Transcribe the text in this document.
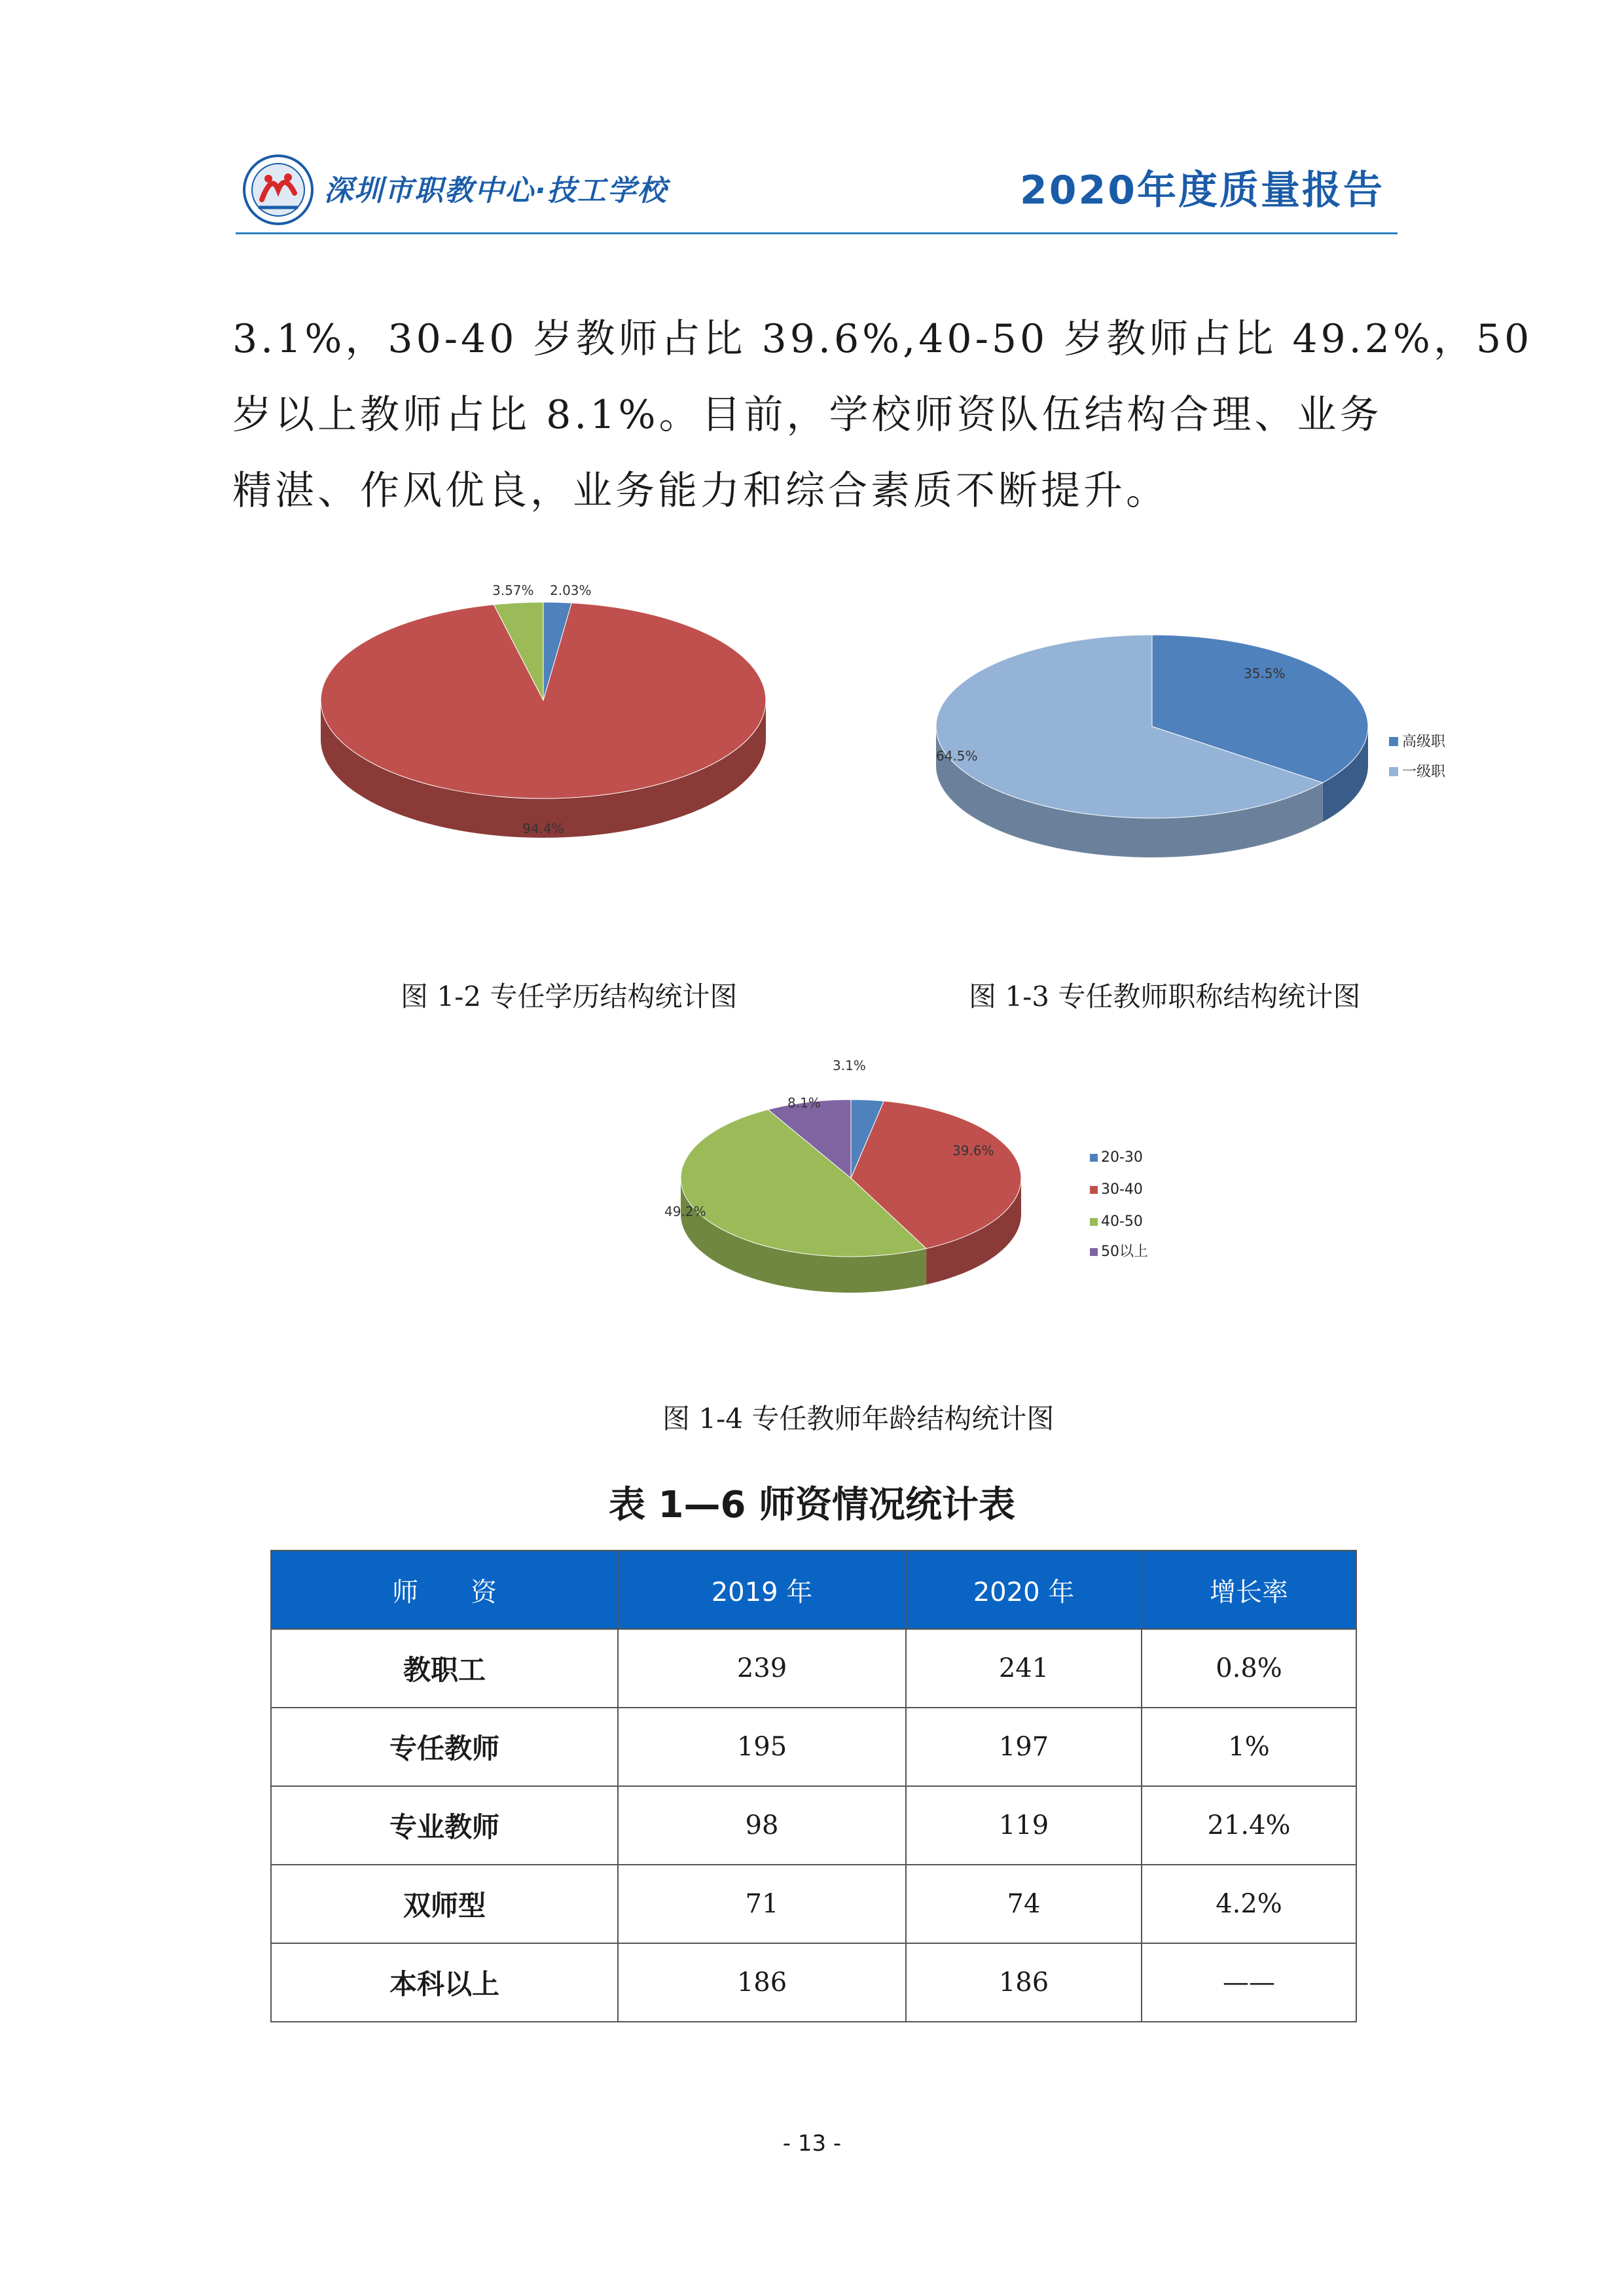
深圳市职教中心·技工学校	2020年度质量报告

3.1%，30-40 岁教师占比 39.6%,40-50 岁教师占比 49.2%，50

岁以上教师占比 8.1%。目前，学校师资队伍结构合理、业务

精湛、作风优良，业务能力和综合素质不断提升。

2.03%
94.4%
3.57%
图 1-2 专任学历结构统计图
35.5%
64.5%
高级职
一级职
图 1-3 专任教师职称结构统计图
3.1%
39.6%
49.2%
8.1%
20-30
30-40
40-50
50以上
图 1-4 专任教师年龄结构统计图
表 1—6 师资情况统计表
师　　资	2019 年	2020 年	增长率
教职工	239	241	0.8%
专任教师	195	197	1%
专业教师	98	119	21.4%
双师型	71	74	4.2%
本科以上	186	186	——
- 13 -
